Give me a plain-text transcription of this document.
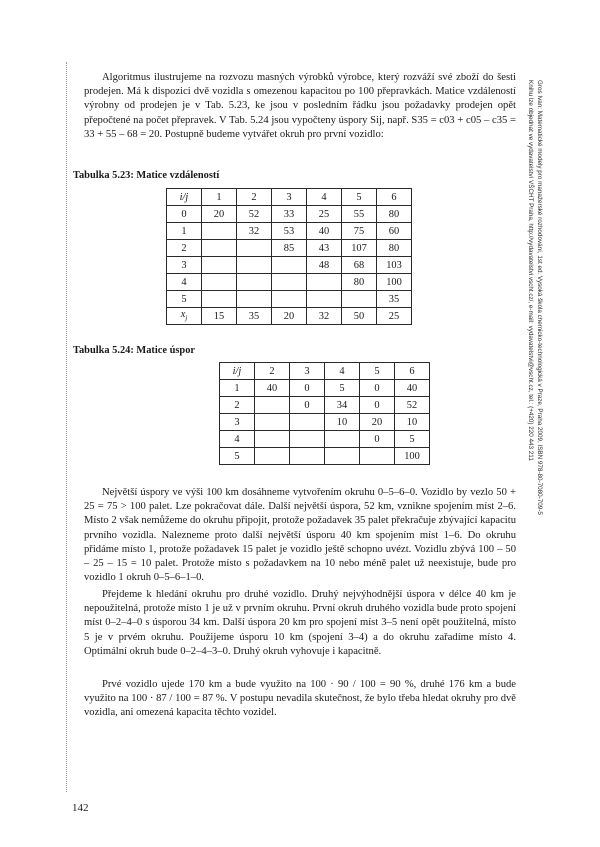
Algoritmus ilustrujeme na rozvozu masných výrobků výrobce, který rozváží své zboží do šesti prodejen. Má k dispozici dvě vozidla s omezenou kapacitou po 100 přepravkách. Matice vzdáleností výrobny od prodejen je v Tab. 5.23, ke jsou v posledním řádku jsou požadavky prodejen opět přepočtené na počet přepravek. V Tab. 5.24 jsou vypočteny úspory Sij, např. S35 = c03 + c05 – c35 = 33 + 55 – 68 = 20. Postupně budeme vytvářet okruh pro první vozidlo:

Tabulka 5.23: Matice vzdáleností
i/j	1	2	3	4	5	6
0	20	52	33	25	55	80
1		32	53	40	75	60
2			85	43	107	80
3				48	68	103
4					80	100
5						35
$x_j$	15	35	20	32	50	25
Tabulka 5.24: Matice úspor
i/j	2	3	4	5	6
1	40	0	5	0	40
2		0	34	0	52
3			10	20	10
4				0	5
5					100

Největší úspory ve výši 100 km dosáhneme vytvořením okruhu 0–5–6–0. Vozidlo by vezlo 50 + 25 = 75 > 100 palet. Lze pokračovat dále. Další největší úspora, 52 km, vznikne spojením míst 2–6. Místo 2 však nemůžeme do okruhu připojit, protože požadavek 35 palet překračuje zbývající kapacitu prvního vozidla. Nalezneme proto další největší úsporu 40 km spojením míst 1–6. Do okruhu přidáme místo 1, protože požadavek 15 palet je vozidlo ještě schopno uvézt. Vozidlu zbývá 100 – 50 – 25 – 15 = 10 palet. Protože místo s požadavkem na 10 nebo méně palet už neexistuje, bude pro vozidlo 1 okruh 0–5–6–1–0.

Přejdeme k hledání okruhu pro druhé vozidlo. Druhý nejvýhodnější úspora v délce 40 km je nepoužitelná, protože místo 1 je už v prvním okruhu. První okruh druhého vozidla bude proto spojení míst 0–2–4–0 s úsporou 34 km. Další úspora 20 km pro spojení míst 3–5 není opět použitelná, místo 5 je v prvém okruhu. Použijeme úsporu 10 km (spojení 3–4) a do okruhu zařadíme místo 4. Optimální okruh bude 0–2–4–3–0. Druhý okruh vyhovuje i kapacitně.

Prvé vozidlo ujede 170 km a bude využito na 100 · 90 / 100 = 90 %, druhé 176 km a bude využito na 100 · 87 / 100 = 87 %. V postupu nevadila skutečnost, že bylo třeba hledat okruhy pro dvě vozidla, ani omezená kapacita těchto vozidel.

Gros Ivan: Matematické modely pro manažerské rozhodování, 1st ed. Vysoká škola chemicko-technologická v Praze, Praha 2009, ISBN 978-80-7080-709-5
Knihu lze objednat ve vydavatelství VŠCHT Praha, http://vydavatelstvi.vscht.cz/, e-mail: vydavatelstvi@vscht.cz, tel.: (+420) 220 443 211
142
